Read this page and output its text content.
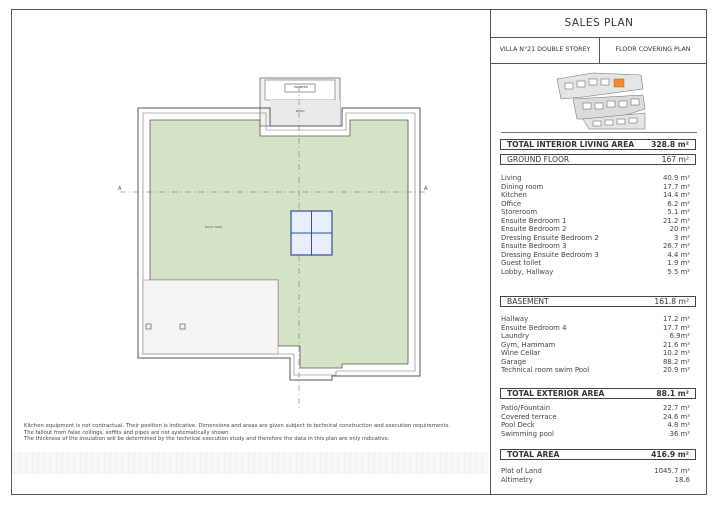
A	A
ROOF AREA
PLANTER
PATIO
Kitchen equipment is not contractual. Their position is indicative. Dimensions and areas are given subject to technical construction and execution requirements.
The fallout from false ceilings, soffits and pipes are not systematically shown.
The thickness of the insulation will be determined by the technical execution study and therefore the data in this plan are only indicative.
SALES PLAN
VILLA N°21 DOUBLE STOREY	FLOOR COVERING PLAN
TOTAL INTERIOR LIVING AREA 328.8 m²
GROUND FLOOR	167 m²
Living	40.9 m²
Dining room	17.7 m²
Kitchen	14.4 m²
Office	6.2 m²
Storeroom	5.1 m²
Ensuite Bedroom 1	21.2 m²
Ensuite Bedroom 2	20 m²
Dressing Ensuite Bedroom 2	3 m²
Ensuite Bedroom 3	26.7 m²
Dressing Ensuite Bedroom 3	4.4 m²
Guest toilet	1.9 m²
Lobby, Hallway	5.5 m²
BASEMENT	161.8 m²
Hallway	17.2 m²
Ensuite Bedroom 4	17.7 m²
Laundry	6.9m²
Gym, Hammam	21.6 m²
Wine Cellar	10.2 m²
Garage	88.2 m²
Technical room swim Pool	20.9 m²
TOTAL EXTERIOR AREA	88.1 m²
Patio/Fountain	22.7 m²
Covered terrace	24.6 m²
Pool Deck	4.8 m²
Swimming pool	36 m²
TOTAL AREA	416.9 m²
Plot of Land	1045.7 m²
Altimetry	18.6
